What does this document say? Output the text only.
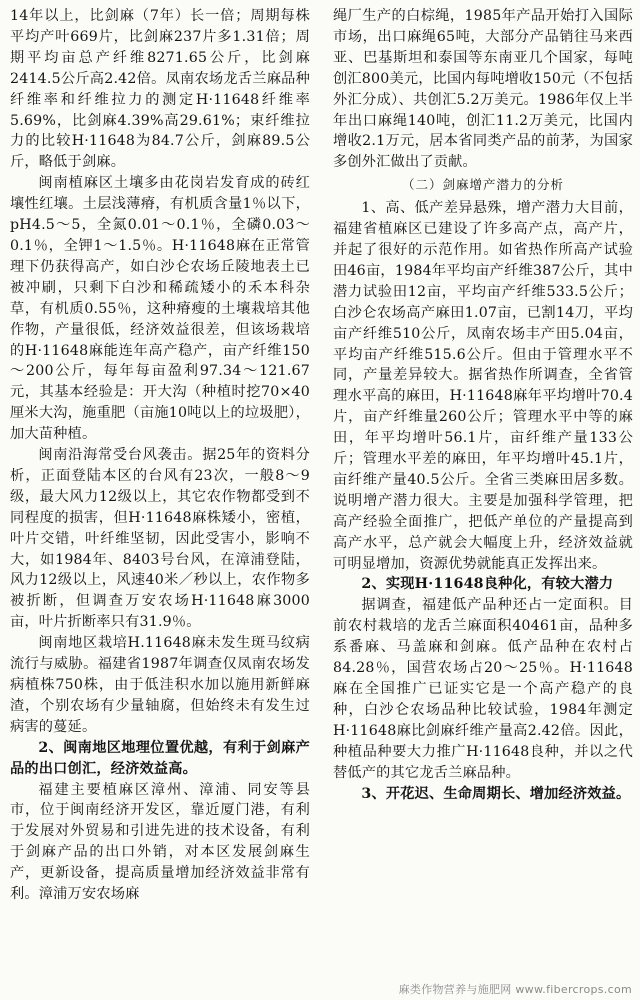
14年以上，比剑麻（7年）长一倍；周期每株平均产叶669片，比剑麻237片多1.31倍；周期平均亩总产纤维8271.65公斤，比剑麻2414.5公斤高2.42倍。凤南农场龙舌兰麻品种纤维率和纤维拉力的测定H·11648纤维率5.69%，比剑麻4.39%高29.61%；束纤维拉力的比较H·11648为84.7公斤，剑麻89.5公斤，略低于剑麻。

闽南植麻区土壤多由花岗岩发育成的砖红壤性红壤。土层浅薄瘠，有机质含量1％以下，pH4.5～5，全氮0.01～0.1％，全磷0.03～0.1％，全钾1～1.5％。H·11648麻在正常管理下仍获得高产，如白沙仑农场丘陵地表土已被冲刷，只剩下白沙和稀疏矮小的禾本科杂草，有机质0.55％，这种瘠瘦的土壤栽培其他作物，产量很低，经济效益很差，但该场栽培的H·11648麻能连年高产稳产，亩产纤维150～200公斤，每年每亩盈利97.34～121.67元，其基本经验是：开大沟（种植时挖70×40厘米大沟，施重肥（亩施10吨以上的垃圾肥），加大苗种植。

闽南沿海常受台风袭击。据25年的资料分析，正面登陆本区的台风有23次，一般8～9级，最大风力12级以上，其它农作物都受到不同程度的损害，但H·11648麻株矮小，密植，叶片交错，叶纤维坚韧，因此受害小，影响不大，如1984年、8403号台风，在漳浦登陆，风力12级以上，风速40米／秒以上，农作物多被折断，但调查万安农场H·11648麻3000亩，叶片折断率只有31.9％。

闽南地区栽培H.11648麻未发生斑马纹病流行与威胁。福建省1987年调查仅凤南农场发病植株750株，由于低洼积水加以施用新鲜麻渣，个别农场有少量轴腐，但始终未有发生过病害的蔓延。

2、闽南地区地理位置优越，有利于剑麻产品的出口创汇，经济效益高。

福建主要植麻区漳州、漳浦、同安等县市，位于闽南经济开发区，靠近厦门港，有利于发展对外贸易和引进先进的技术设备，有利于剑麻产品的出口外销，对本区发展剑麻生产，更新设备，提高质量增加经济效益非常有利。漳浦万安农场麻

绳厂生产的白棕绳，1985年产品开始打入国际市场，出口麻绳65吨，大部分产品销往马来西亚、巴基斯坦和泰国等东南亚几个国家，每吨创汇800美元，比国内每吨增收150元（不包括外汇分成）、共创汇5.2万美元。1986年仅上半年出口麻绳140吨，创汇11.2万美元，比国内增收2.1万元，居本省同类产品的前茅，为国家多创外汇做出了贡献。

（二）剑麻增产潜力的分析

1、高、低产差异悬殊，增产潜力大目前，福建省植麻区已建设了许多高产点，高产片，并起了很好的示范作用。如省热作所高产试验田46亩，1984年平均亩产纤维387公斤，其中潜力试验田12亩，平均亩产纤维533.5公斤；白沙仑农场高产麻田1.07亩，已割14刀，平均亩产纤维510公斤，凤南农场丰产田5.04亩，平均亩产纤维515.6公斤。但由于管理水平不同，产量差异较大。据省热作所调查，全省管理水平高的麻田，H·11648麻年平均增叶70.4片，亩产纤维量260公斤；管理水平中等的麻田，年平均增叶56.1片，亩纤维产量133公斤；管理水平差的麻田，年平均增叶45.1片，亩纤维产量40.5公斤。全省三类麻田居多数。说明增产潜力很大。主要是加强科学管理，把高产经验全面推广，把低产单位的产量提高到高产水平，总产就会大幅度上升，经济效益就可明显增加，资源优势就能真正发挥出来。

2、实现H·11648良种化，有较大潜力

据调查，福建低产品种还占一定面积。目前农村栽培的龙舌兰麻面积40461亩，品种多系番麻、马盖麻和剑麻。低产品种在农村占84.28％，国营农场占20～25％。H·11648麻在全国推广已证实它是一个高产稳产的良种，白沙仑农场品种比较试验，1984年测定H·11648麻比剑麻纤维产量高2.42倍。因此，种植品种要大力推广H·11648良种，并以之代替低产的其它龙舌兰麻品种。

3、开花迟、生命周期长、增加经济效益。

麻类作物营养与施肥网 www.fibercrops.com
